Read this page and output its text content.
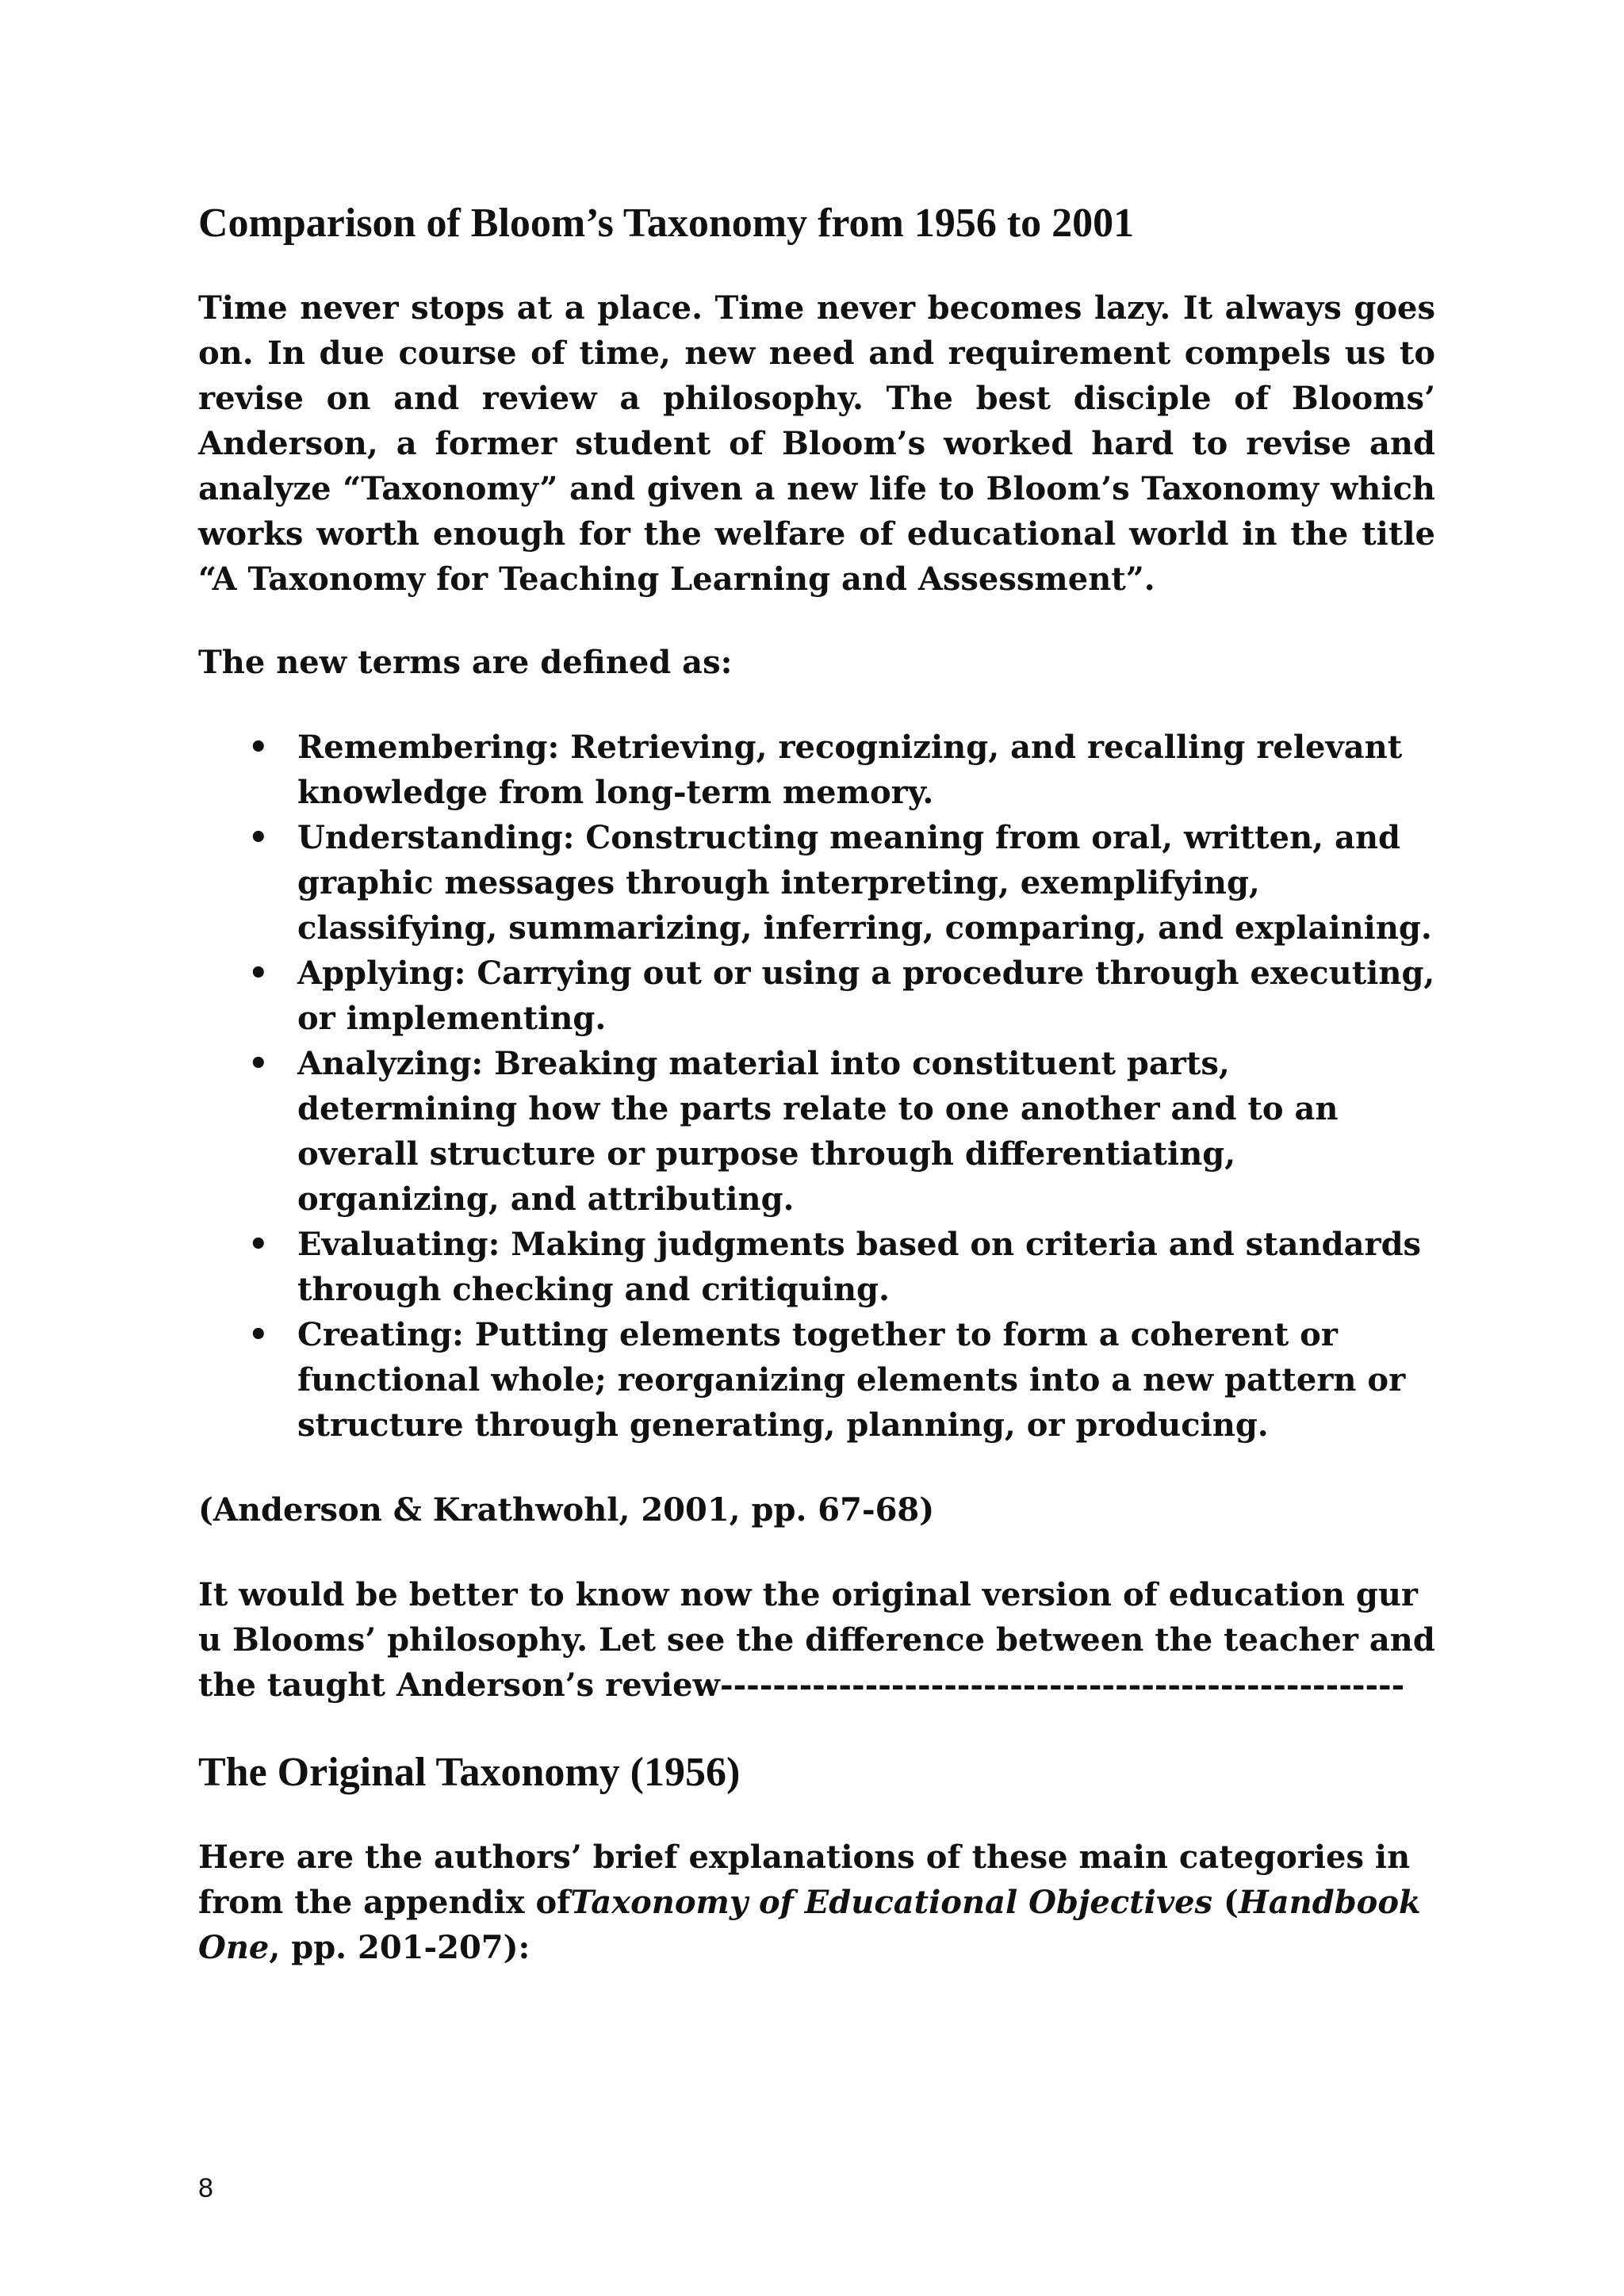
Comparison of Bloom’s Taxonomy from 1956 to 2001

Time never stops at a place. Time never becomes lazy. It always goes on. In due course of time, new need and requirement compels us to revise on and review a philosophy. The best disciple of Blooms’ Anderson, a former student of Bloom’s worked hard to revise and analyze “Taxonomy” and given a new life to Bloom’s Taxonomy which works worth enough for the welfare of educational world in the title “A Taxonomy for Teaching Learning and Assessment”.

The new terms are defined as:

• Remembering: Retrieving, recognizing, and recalling relevant knowledge from long-term memory.
• Understanding: Constructing meaning from oral, written, and graphic messages through interpreting, exemplifying, classifying, summarizing, inferring, comparing, and explaining.
• Applying: Carrying out or using a procedure through executing, or implementing.
• Analyzing: Breaking material into constituent parts, determining how the parts relate to one another and to an overall structure or purpose through differentiating, organizing, and attributing.
• Evaluating: Making judgments based on criteria and standards through checking and critiquing.
• Creating: Putting elements together to form a coherent or functional whole; reorganizing elements into a new pattern or structure through generating, planning, or producing.

(Anderson & Krathwohl, 2001, pp. 67-68)

It would be better to know now the original version of education guru Blooms’ philosophy. Let see the difference between the teacher and the taught Anderson’s review----------------------------------------------------

The Original Taxonomy (1956)

Here are the authors’ brief explanations of these main categories in from the appendix ofTaxonomy of Educational Objectives (Handbook One, pp. 201-207):

8
